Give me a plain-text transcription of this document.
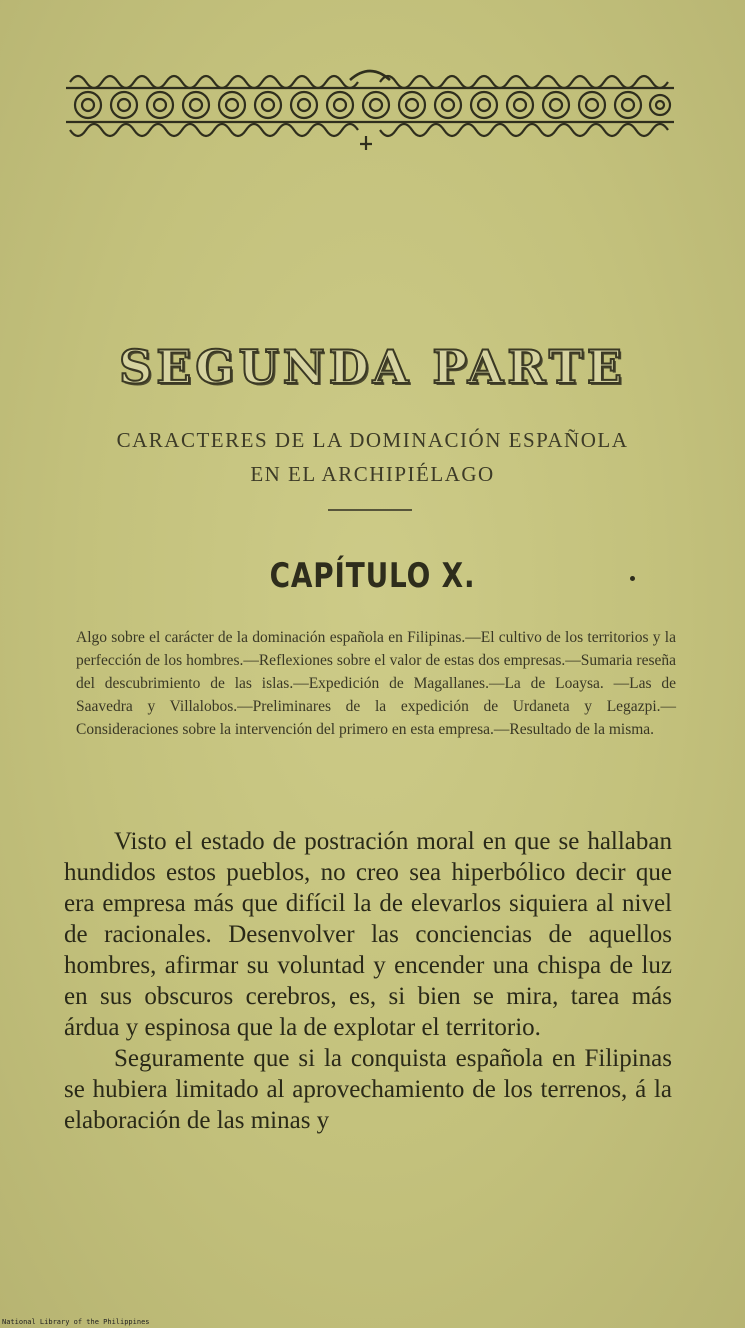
SEGUNDA PARTE
CARACTERES DE LA DOMINACIÓN ESPAÑOLA
EN EL ARCHIPIÉLAGO
CAPÍTULO X.
Algo sobre el carácter de la dominación española en Filipinas.—El cultivo de los territorios y la perfección de los hombres.—Reflexiones sobre el valor de estas dos empresas.—Sumaria reseña del descubrimiento de las islas.—Expedición de Magallanes.—La de Loaysa. —Las de Saavedra y Villalobos.—Preliminares de la expedición de Urdaneta y Legazpi.—Consideraciones sobre la intervención del primero en esta empresa.—Resultado de la misma.

Visto el estado de postración moral en que se hallaban hundidos estos pueblos, no creo sea hiperbólico decir que era empresa más que difícil la de elevarlos siquiera al nivel de racionales. Desenvolver las conciencias de aquellos hombres, afirmar su voluntad y encender una chispa de luz en sus obscuros cerebros, es, si bien se mira, tarea más árdua y espinosa que la de explotar el territorio.

Seguramente que si la conquista española en Filipinas se hubiera limitado al aprovechamiento de los terrenos, á la elaboración de las minas y

National Library of the Philippines
